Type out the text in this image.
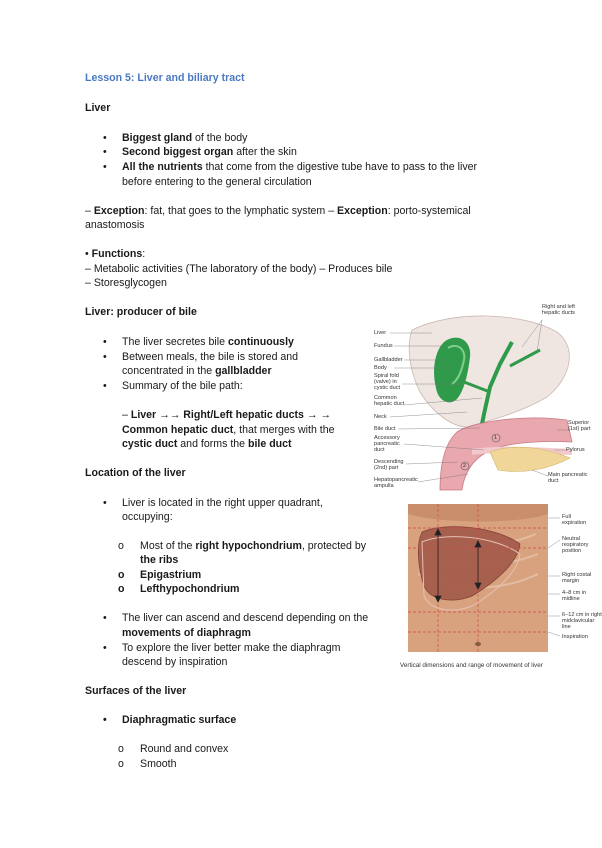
Lesson 5: Liver and biliary tract
Liver
• Biggest gland of the body
• Second biggest organ after the skin
• All the nutrients that come from the digestive tube have to pass to the liver
before entering to the general circulation
– Exception: fat, that goes to the lymphatic system – Exception: porto-systemical
anastomosis
• Functions:
– Metabolic activities (The laboratory of the body) – Produces bile
– Storesglycogen
Liver: producer of bile
• The liver secretes bile continuously
• Between meals, the bile is stored and
concentrated in the gallbladder
• Summary of the bile path:
– Liver →→ Right/Left hepatic ducts → →
Common hepatic duct, that merges with the
cystic duct and forms the bile duct
Location of the liver
• Liver is located in the right upper quadrant,
occupying:
o Most of the right hypochondrium, protected by
the ribs
o Epigastrium
o Lefthypochondrium
• The liver can ascend and descend depending on the
movements of diaphragm
• To explore the liver better make the diaphragm
descend by inspiration
Surfaces of the liver
• Diaphragmatic surface
o Round and convex
o Smooth
Liver
Fundus
Gallbladder
Body
Spiral fold
(valve) in
cystic duct
Common
hepatic duct
Neck
Bile duct
Accessory
pancreatic
duct
Descending
(2nd) part
Hepatopancreatic
ampulla
Right and left
hepatic ducts
Superior
(1st) part
Pylorus
Main pancreatic
duct
1
2
Full
expiration
Neutral
respiratory
position
Right costal
margin
4–8 cm in
midline
6–12 cm in right
midclavicular
line
Inspiration
Vertical dimensions and range of movement of liver
